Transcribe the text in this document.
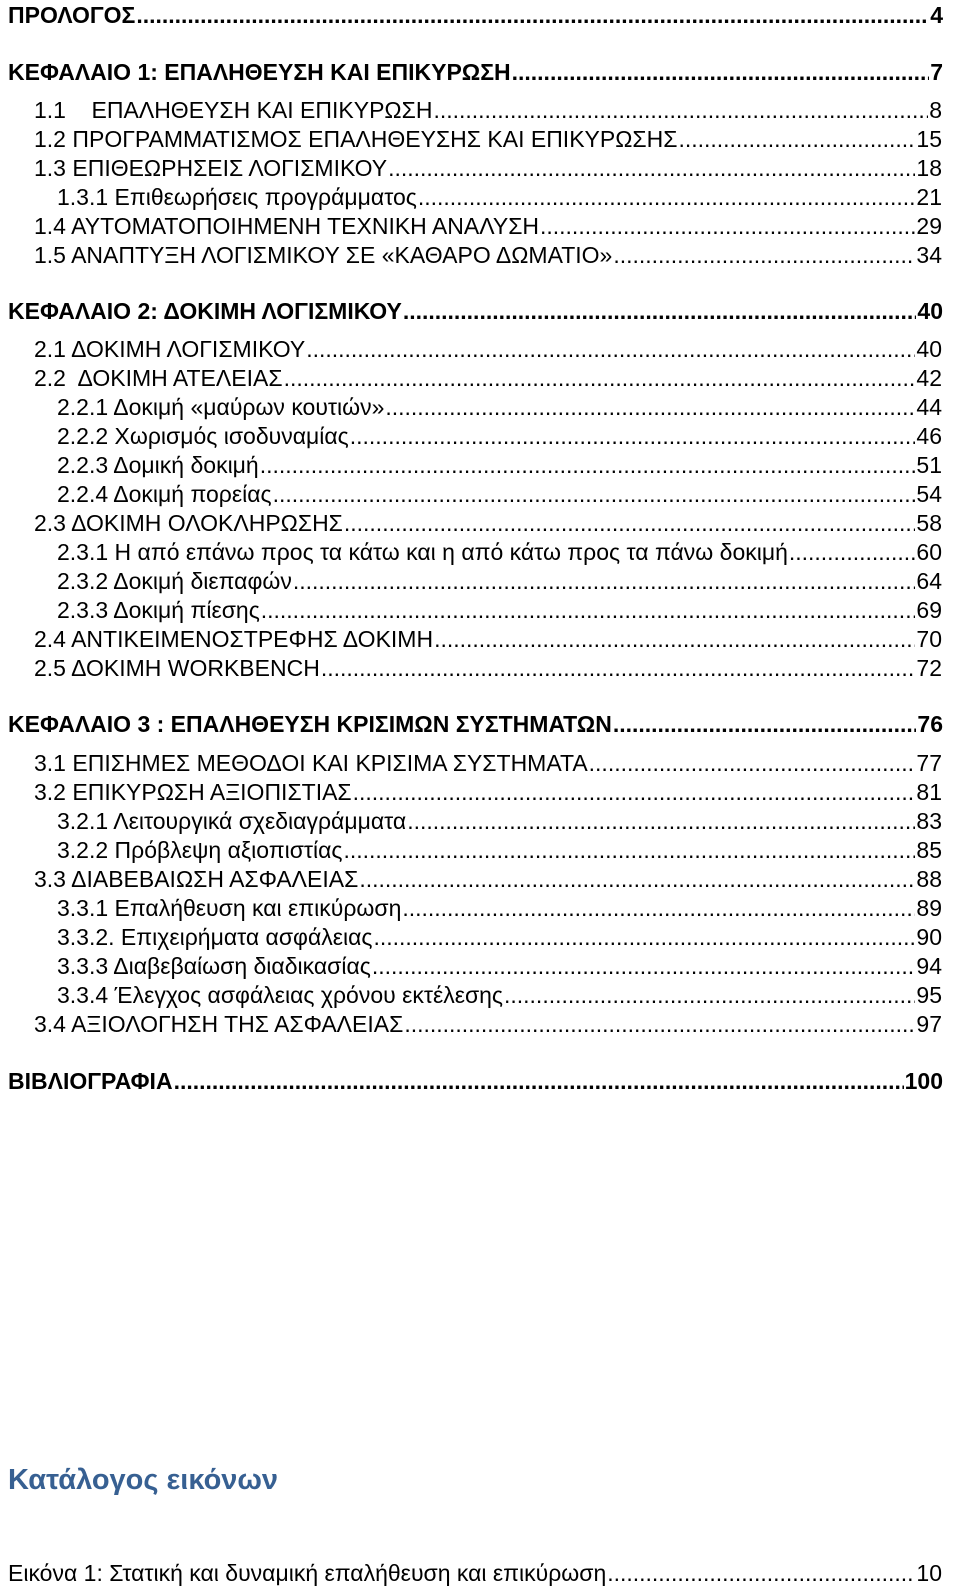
ΠΡΟΛΟΓΟΣ . . .	4
ΚΕΦΑΛΑΙΟ 1: ΕΠΑΛΗΘΕΥΣΗ ΚΑΙ ΕΠΙΚΥΡΩΣΗ . . .	7
1.1    ΕΠΑΛΗΘΕΥΣΗ ΚΑΙ ΕΠΙΚΥΡΩΣΗ . . .	8
1.2 ΠΡΟΓΡΑΜΜΑΤΙΣΜΟΣ ΕΠΑΛΗΘΕΥΣΗΣ ΚΑΙ ΕΠΙΚΥΡΩΣΗΣ . . .	15
1.3 ΕΠΙΘΕΩΡΗΣΕΙΣ ΛΟΓΙΣΜΙΚΟΥ . . .	18
1.3.1 Επιθεωρήσεις προγράμματος . . .	21
1.4 ΑΥΤΟΜΑΤΟΠΟΙΗΜΕΝΗ ΤΕΧΝΙΚΗ ΑΝΑΛΥΣΗ . . .	29
1.5 ΑΝΑΠΤΥΞΗ ΛΟΓΙΣΜΙΚΟΥ ΣΕ «ΚΑΘΑΡΟ ΔΩΜΑΤΙΟ» . . .	34
ΚΕΦΑΛΑΙΟ 2: ΔΟΚΙΜΗ ΛΟΓΙΣΜΙΚΟΥ . . .	40
2.1 ΔΟΚΙΜΗ ΛΟΓΙΣΜΙΚΟΥ . . .	40
2.2  ΔΟΚΙΜΗ ΑΤΕΛΕΙΑΣ . . .	42
2.2.1 Δοκιμή «μαύρων κουτιών» . . .	44
2.2.2 Χωρισμός ισοδυναμίας . . .	46
2.2.3 Δομική δοκιμή . . .	51
2.2.4 Δοκιμή πορείας . . .	54
2.3 ΔΟΚΙΜΗ ΟΛΟΚΛΗΡΩΣΗΣ . . .	58
2.3.1 Η από επάνω προς τα κάτω και η από κάτω προς τα πάνω δοκιμή . . .	60
2.3.2 Δοκιμή διεπαφών . . .	64
2.3.3 Δοκιμή πίεσης . . .	69
2.4 ΑΝΤΙΚΕΙΜΕΝΟΣΤΡΕΦΗΣ ΔΟΚΙΜΗ . . .	70
2.5 ΔΟΚΙΜΗ WORKBENCH . . .	72
ΚΕΦΑΛΑΙΟ 3 : ΕΠΑΛΗΘΕΥΣΗ ΚΡΙΣΙΜΩΝ ΣΥΣΤΗΜΑΤΩΝ . . .	76
3.1 ΕΠΙΣΗΜΕΣ ΜΕΘΟΔΟΙ ΚΑΙ ΚΡΙΣΙΜΑ ΣΥΣΤΗΜΑΤΑ . . .	77
3.2 ΕΠΙΚΥΡΩΣΗ ΑΞΙΟΠΙΣΤΙΑΣ . . .	81
3.2.1 Λειτουργικά σχεδιαγράμματα . . .	83
3.2.2 Πρόβλεψη αξιοπιστίας . . .	85
3.3 ΔΙΑΒΕΒΑΙΩΣΗ ΑΣΦΑΛΕΙΑΣ . . .	88
3.3.1 Επαλήθευση και επικύρωση . . .	89
3.3.2. Επιχειρήματα ασφάλειας . . .	90
3.3.3 Διαβεβαίωση διαδικασίας . . .	94
3.3.4 Έλεγχος ασφάλειας χρόνου εκτέλεσης . . .	95
3.4 ΑΞΙΟΛΟΓΗΣΗ ΤΗΣ ΑΣΦΑΛΕΙΑΣ . . .	97
ΒΙΒΛΙΟΓΡΑΦΙΑ . . .	100
Κατάλογος εικόνων
Εικόνα 1: Στατική και δυναμική επαλήθευση και επικύρωση . . .	10
